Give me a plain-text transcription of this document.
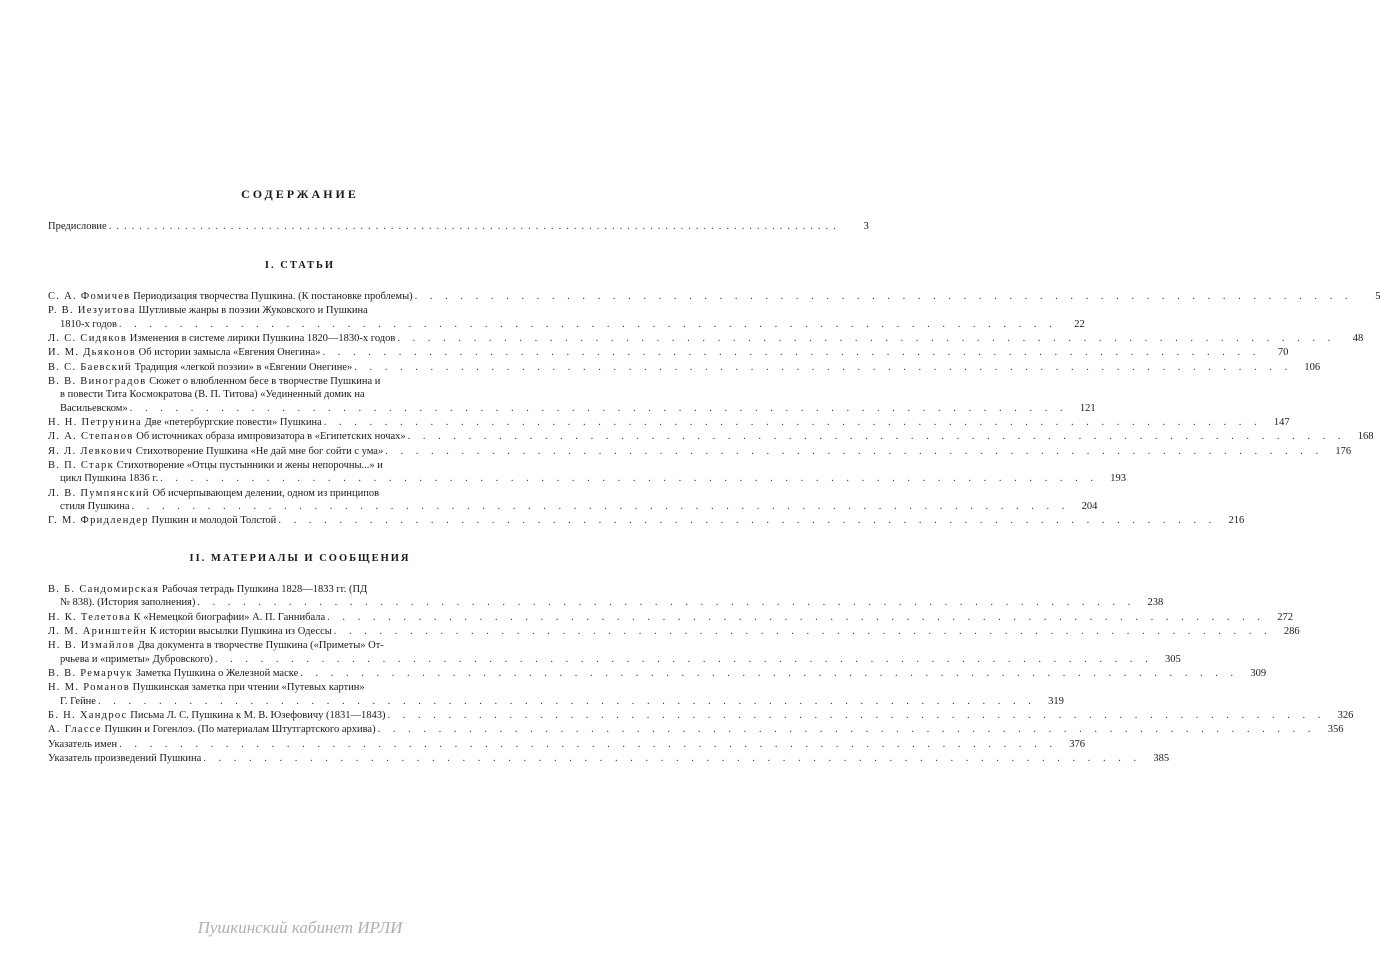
СОДЕРЖАНИЕ
Предисловие ................................................................................................	3
I. СТАТЬИ
С. А. Фомичев Периодизация творчества Пушкина. (К постановке проблемы) . . . . . . . . . . . . . . . . . . . . . . . . . . . . . . . . . . . . . . . . . . . . . . . . . . . . . . . . . . . . . .	5
Р. В. Иезуитова Шутливые жанры в поэзии Жуковского и Пушкина
1810-х годов . . . . . . . . . . . . . . . . . . . . . . . . . . . . . . . . . . . . . . . . . . . . . . . . . . . . . . . . . . . . . .	22
Л. С. Сидяков Изменения в системе лирики Пушкина 1820—1830-х годов . . . . . . . . . . . . . . . . . . . . . . . . . . . . . . . . . . . . . . . . . . . . . . . . . . . . . . . . . . . . . .	48
И. М. Дьяконов Об истории замысла «Евгения Онегина» . . . . . . . . . . . . . . . . . . . . . . . . . . . . . . . . . . . . . . . . . . . . . . . . . . . . . . . . . . . . . .	70
В. С. Баевский Традиция «легкой поэзии» в «Евгении Онегине» . . . . . . . . . . . . . . . . . . . . . . . . . . . . . . . . . . . . . . . . . . . . . . . . . . . . . . . . . . . . . .	106
В. В. Виноградов Сюжет о влюбленном бесе в творчестве Пушкина и
в повести Тита Космократова (В. П. Титова) «Уединенный домик на
Васильевском» . . . . . . . . . . . . . . . . . . . . . . . . . . . . . . . . . . . . . . . . . . . . . . . . . . . . . . . . . . . . . .	121
Н. Н. Петрунина Две «петербургские повести» Пушкина . . . . . . . . . . . . . . . . . . . . . . . . . . . . . . . . . . . . . . . . . . . . . . . . . . . . . . . . . . . . . .	147
Л. А. Степанов Об источниках образа импровизатора в «Египетских ночах» . . . . . . . . . . . . . . . . . . . . . . . . . . . . . . . . . . . . . . . . . . . . . . . . . . . . . . . . . . . . . .	168
Я. Л. Левкович Стихотворение Пушкина «Не дай мне бог сойти с ума» . . . . . . . . . . . . . . . . . . . . . . . . . . . . . . . . . . . . . . . . . . . . . . . . . . . . . . . . . . . . . .	176
В. П. Старк Стихотворение «Отцы пустынники и жены непорочны...» и
цикл Пушкина 1836 г. . . . . . . . . . . . . . . . . . . . . . . . . . . . . . . . . . . . . . . . . . . . . . . . . . . . . . . . . . . . . . .	193
Л. В. Пумпянский Об исчерпывающем делении, одном из принципов
стиля Пушкина . . . . . . . . . . . . . . . . . . . . . . . . . . . . . . . . . . . . . . . . . . . . . . . . . . . . . . . . . . . . . .	204
Г. М. Фридлендер Пушкин и молодой Толстой . . . . . . . . . . . . . . . . . . . . . . . . . . . . . . . . . . . . . . . . . . . . . . . . . . . . . . . . . . . . . .	216
II. МАТЕРИАЛЫ И СООБЩЕНИЯ
В. Б. Сандомирская Рабочая тетрадь Пушкина 1828—1833 гг. (ПД
№ 838). (История заполнения) . . . . . . . . . . . . . . . . . . . . . . . . . . . . . . . . . . . . . . . . . . . . . . . . . . . . . . . . . . . . . .	238
Н. К. Телетова К «Немецкой биографии» А. П. Ганнибала . . . . . . . . . . . . . . . . . . . . . . . . . . . . . . . . . . . . . . . . . . . . . . . . . . . . . . . . . . . . . .	272
Л. М. Аринштейн К истории высылки Пушкина из Одессы . . . . . . . . . . . . . . . . . . . . . . . . . . . . . . . . . . . . . . . . . . . . . . . . . . . . . . . . . . . . . .	286
Н. В. Измайлов Два документа в творчестве Пушкина («Приметы» От-
рчьева и «приметы» Дубровского) . . . . . . . . . . . . . . . . . . . . . . . . . . . . . . . . . . . . . . . . . . . . . . . . . . . . . . . . . . . . . .	305
В. В. Ремарчук Заметка Пушкина о Железной маске . . . . . . . . . . . . . . . . . . . . . . . . . . . . . . . . . . . . . . . . . . . . . . . . . . . . . . . . . . . . . .	309
Н. М. Романов Пушкинская заметка при чтении «Путевых картин»
Г. Гейне . . . . . . . . . . . . . . . . . . . . . . . . . . . . . . . . . . . . . . . . . . . . . . . . . . . . . . . . . . . . . .	319
Б. Н. Хандрос Письма Л. С. Пушкина к М. В. Юзефовичу (1831—1843) . . . . . . . . . . . . . . . . . . . . . . . . . . . . . . . . . . . . . . . . . . . . . . . . . . . . . . . . . . . . . .	326
А. Глассе Пушкин и Гогенлоэ. (По материалам Штутгартского архива) . . . . . . . . . . . . . . . . . . . . . . . . . . . . . . . . . . . . . . . . . . . . . . . . . . . . . . . . . . . . . .	356
Указатель имен . . . . . . . . . . . . . . . . . . . . . . . . . . . . . . . . . . . . . . . . . . . . . . . . . . . . . . . . . . . . . .	376
Указатель произведений Пушкина . . . . . . . . . . . . . . . . . . . . . . . . . . . . . . . . . . . . . . . . . . . . . . . . . . . . . . . . . . . . . .	385
Пушкинский кабинет ИРЛИ
